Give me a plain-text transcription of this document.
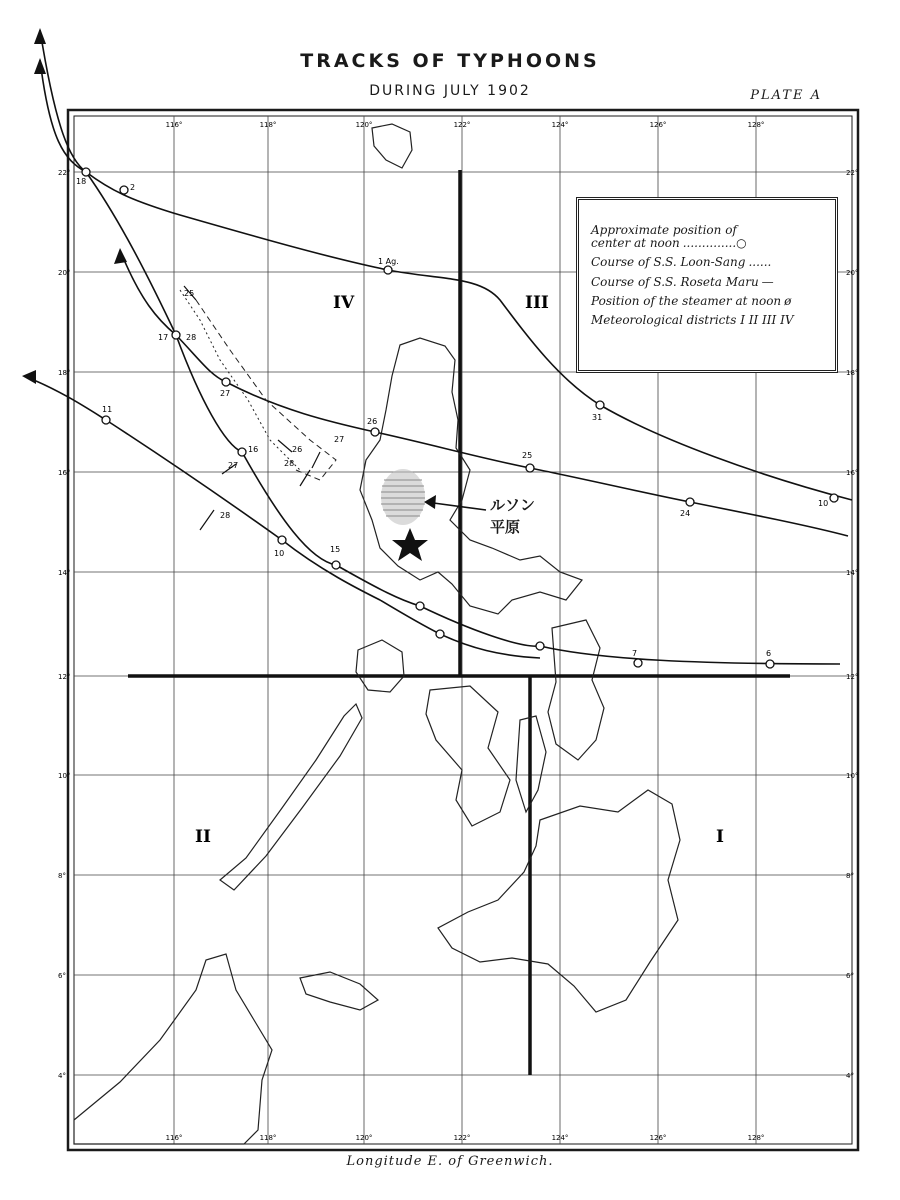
TRACKS OF TYPHOONS
DURING JULY 1902	PLATE A
IV	III
II	I
116°	118°	120°	122°	124°	126°	128°
116°	118°	120°	122°	124°	126°	128°
22°
20°
18°
16°
14°
12°
10°
8°
6°
4°
22°
20°
18°
16°
14°
12°
10°
8°
6°
4°
18
2
1 Ag.
17
27
26
25
24
31
10
11
16
10	15
7	6
28
27
26
25
28
27
28
Approximate position of
center at noon..............○
Course of S.S. Loon-Sang ......
Course of S.S. Roseta Maru —
Position of the steamer at noon ø
Meteorological districts I II III IV
ルソン
平原
Longitude E. of Greenwich.
